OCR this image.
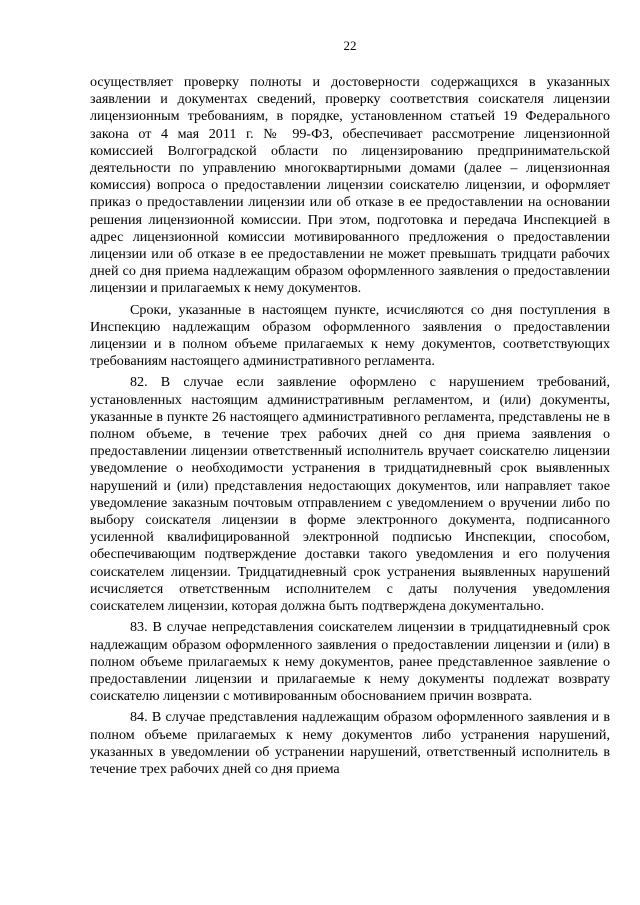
22

осуществляет проверку полноты и достоверности содержащихся в указанных заявлении и документах сведений, проверку соответствия соискателя лицензии лицензионным требованиям, в порядке, установленном статьей 19 Федерального закона от 4 мая 2011 г. № 99-ФЗ, обеспечивает рассмотрение лицензионной комиссией Волгоградской области по лицензированию предпринимательской деятельности по управлению многоквартирными домами (далее – лицензионная комиссия) вопроса о предоставлении лицензии соискателю лицензии, и оформляет приказ о предоставлении лицензии или об отказе в ее предоставлении на основании решения лицензионной комиссии. При этом, подготовка и передача Инспекцией в адрес лицензионной комиссии мотивированного предложения о предоставлении лицензии или об отказе в ее предоставлении не может превышать тридцати рабочих дней со дня приема надлежащим образом оформленного заявления о предоставлении лицензии и прилагаемых к нему документов.

Сроки, указанные в настоящем пункте, исчисляются со дня поступления в Инспекцию надлежащим образом оформленного заявления о предоставлении лицензии и в полном объеме прилагаемых к нему документов, соответствующих требованиям настоящего административного регламента.

82. В случае если заявление оформлено с нарушением требований, установленных настоящим административным регламентом, и (или) документы, указанные в пункте 26 настоящего административного регламента, представлены не в полном объеме, в течение трех рабочих дней со дня приема заявления о предоставлении лицензии ответственный исполнитель вручает соискателю лицензии уведомление о необходимости устранения в тридцатидневный срок выявленных нарушений и (или) представления недостающих документов, или направляет такое уведомление заказным почтовым отправлением с уведомлением о вручении либо по выбору соискателя лицензии в форме электронного документа, подписанного усиленной квалифицированной электронной подписью Инспекции, способом, обеспечивающим подтверждение доставки такого уведомления и его получения соискателем лицензии. Тридцатидневный срок устранения выявленных нарушений исчисляется ответственным исполнителем с даты получения уведомления соискателем лицензии, которая должна быть подтверждена документально.

83. В случае непредставления соискателем лицензии в тридцатидневный срок надлежащим образом оформленного заявления о предоставлении лицензии и (или) в полном объеме прилагаемых к нему документов, ранее представленное заявление о предоставлении лицензии и прилагаемые к нему документы подлежат возврату соискателю лицензии с мотивированным обоснованием причин возврата.

84. В случае представления надлежащим образом оформленного заявления и в полном объеме прилагаемых к нему документов либо устранения нарушений, указанных в уведомлении об устранении нарушений, ответственный исполнитель в течение трех рабочих дней со дня приема
